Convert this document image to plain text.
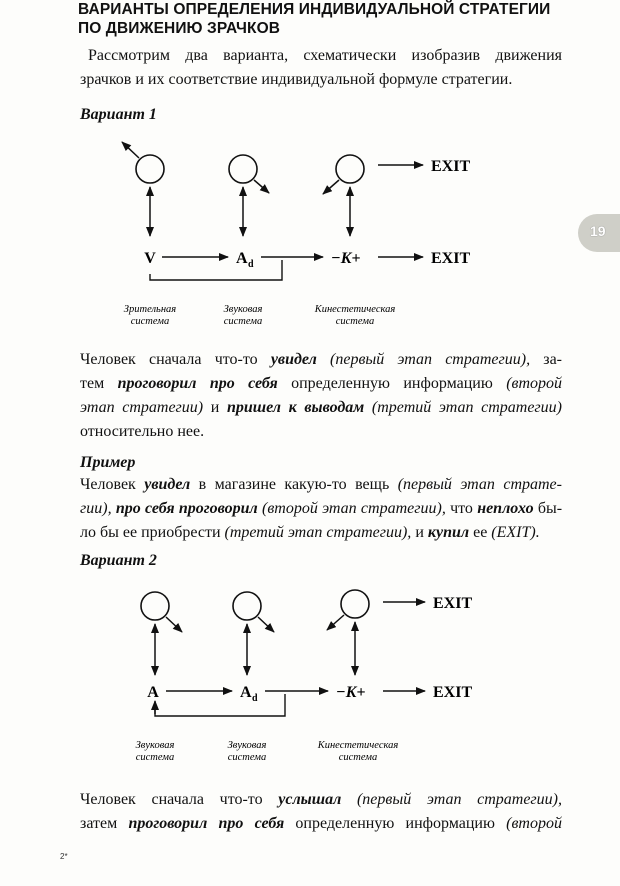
ВАРИАНТЫ ОПРЕДЕЛЕНИЯ ИНДИВИДУАЛЬНОЙ СТРАТЕГИИ
ПО ДВИЖЕНИЮ ЗРАЧКОВ
Рассмотрим два варианта, схематически изобразив движения
зрачков и их соответствие индивидуальной формуле стратегии.
Вариант 1
EXIT
V	A d	−K+	EXIT
Зрительная
система
Звуковая
система
Кинестетическая
система
Человек сначала что-то увидел (первый этап стратегии), за-
тем проговорил про себя определенную информацию (второй
этап стратегии) и пришел к выводам (третий этап стратегии)
относительно нее.
Пример
Человек увидел в магазине какую-то вещь (первый этап страте-
гии), про себя проговорил (второй этап стратегии), что неплохо бы-
ло бы ее приобрести (третий этап стратегии), и купил ее (EXIT).
Вариант 2
EXIT
A	A d	−K+	EXIT
Звуковая
система
Звуковая
система
Кинестетическая
система
Человек сначала что-то услышал (первый этап стратегии),
затем проговорил про себя определенную информацию (второй
19
2*
